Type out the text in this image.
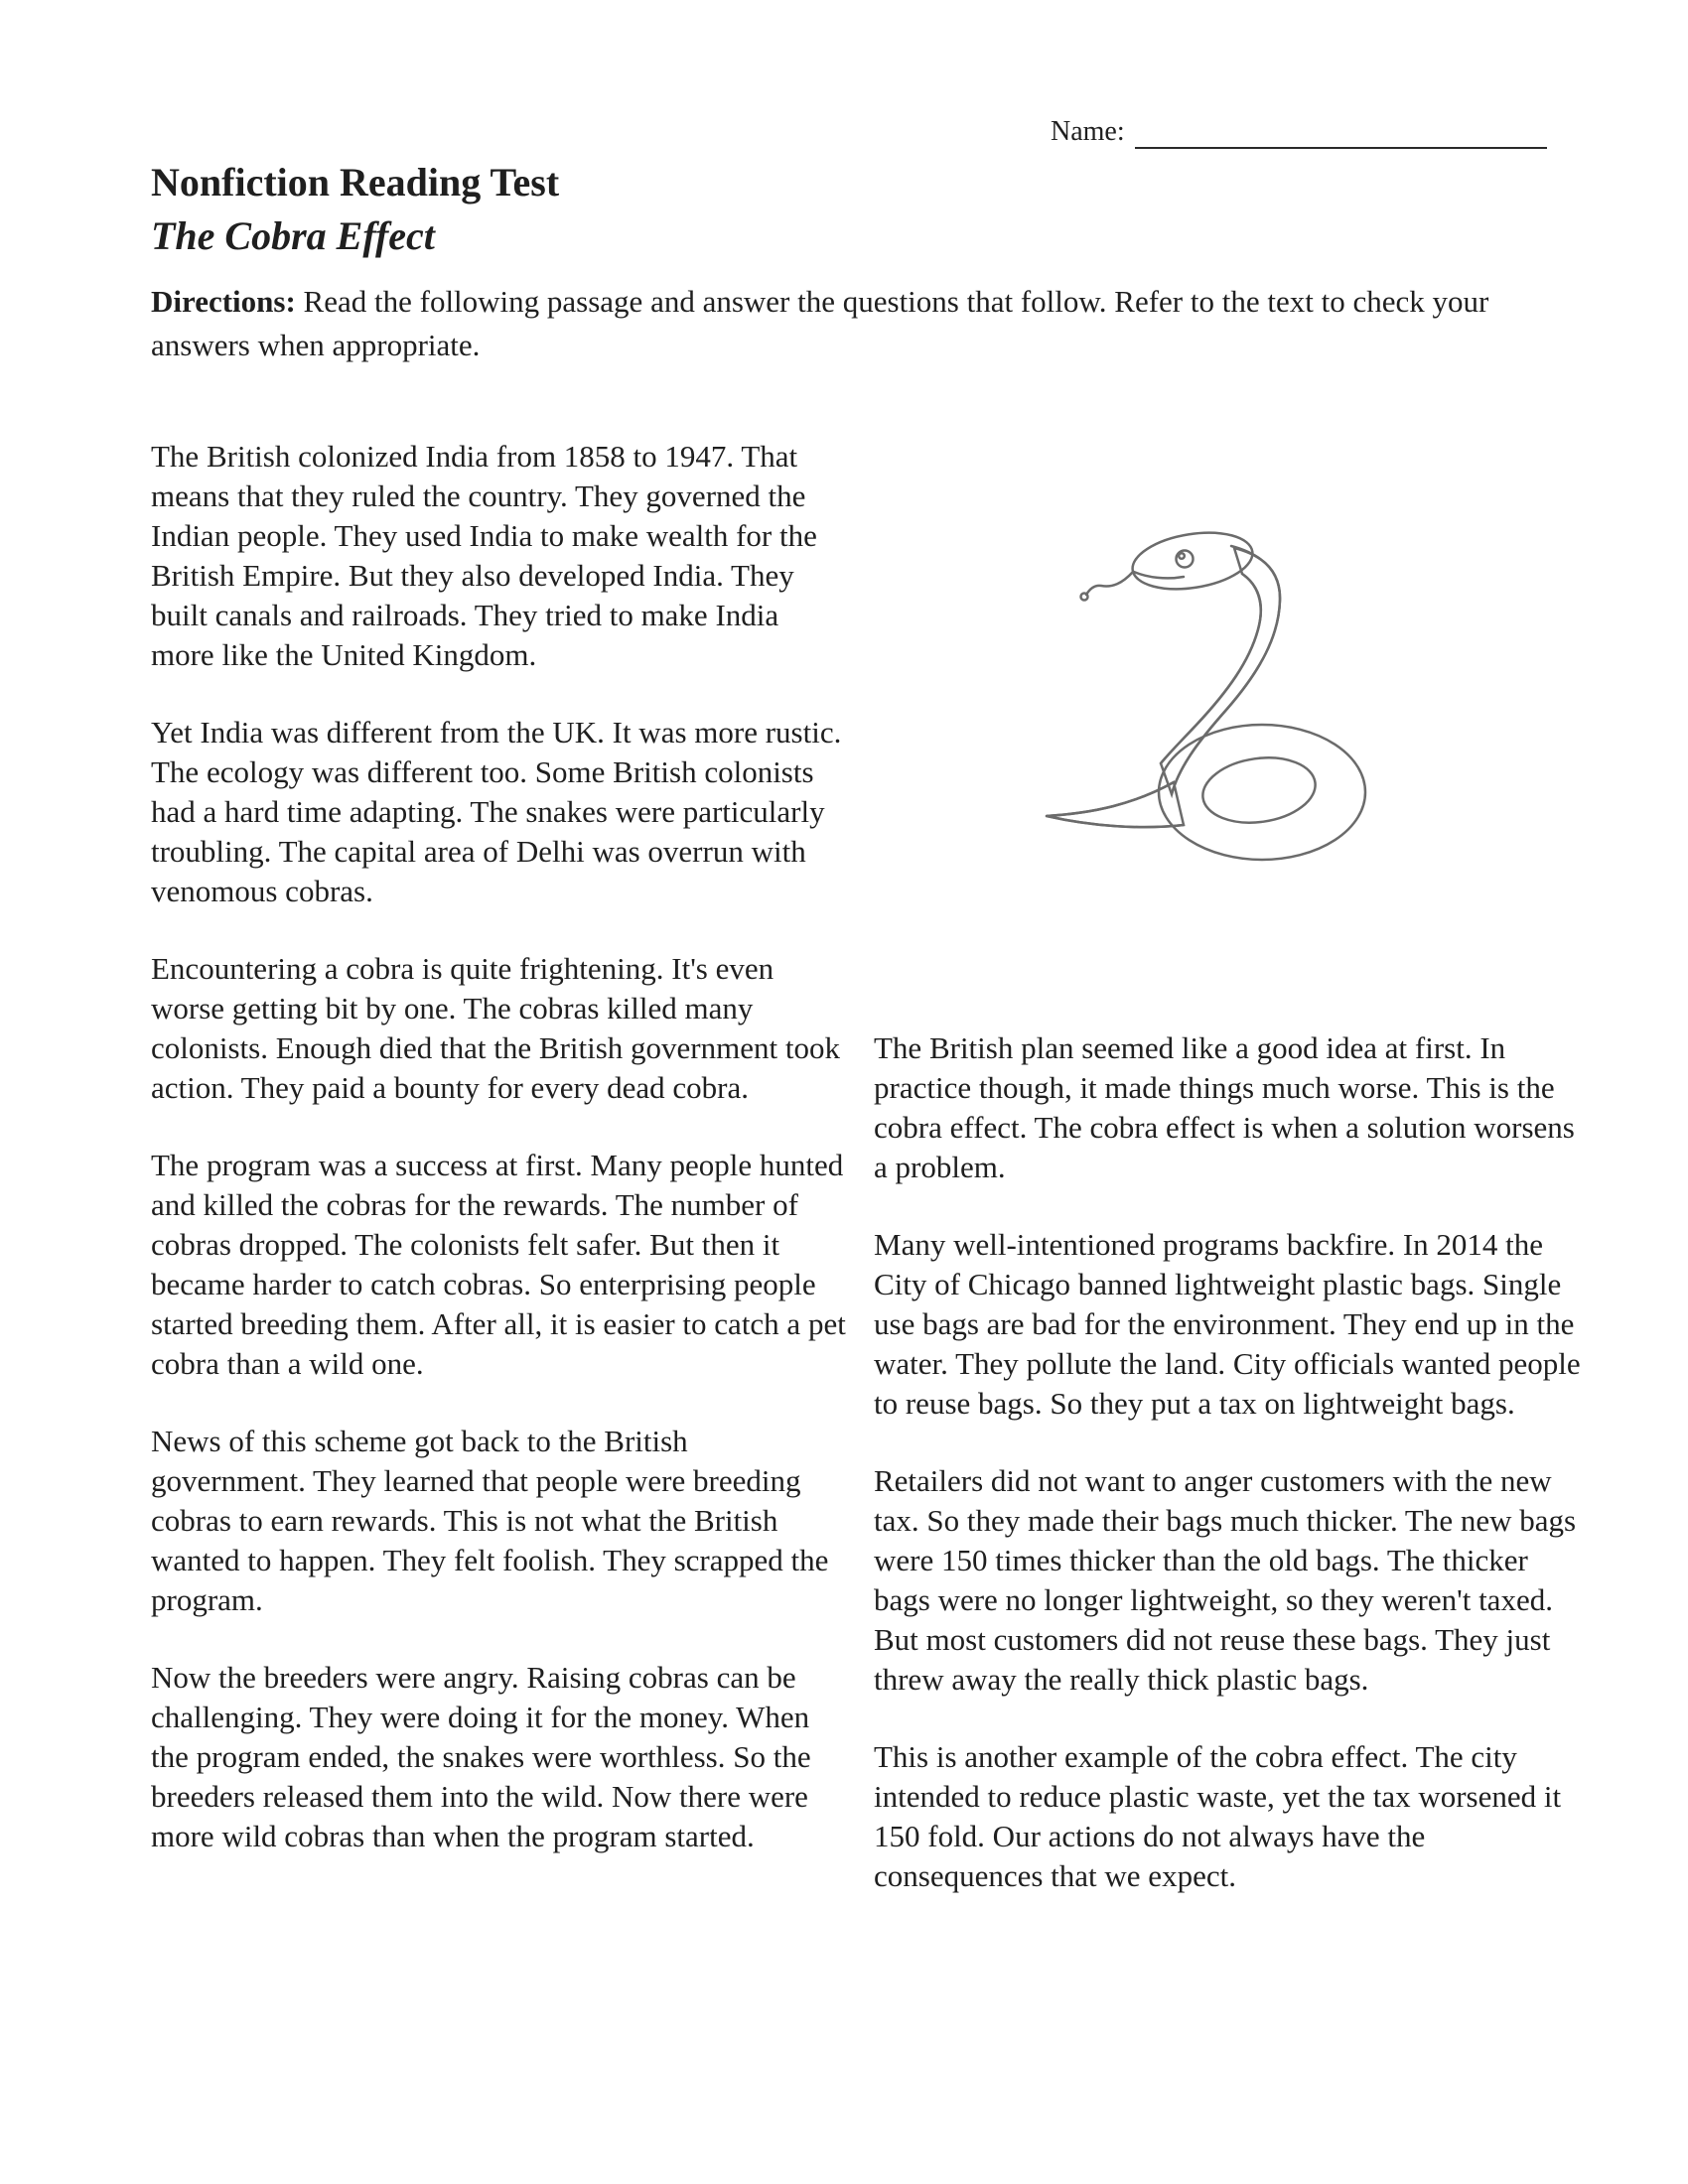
Name:
Nonfiction Reading Test
The Cobra Effect
Directions: Read the following passage and answer the questions that follow. Refer to the text to check your answers when appropriate.

The British colonized India from 1858 to 1947. That means that they ruled the country. They governed the Indian people. They used India to make wealth for the British Empire. But they also developed India. They built canals and railroads. They tried to make India more like the United Kingdom.

Yet India was different from the UK. It was more rustic. The ecology was different too. Some British colonists had a hard time adapting. The snakes were particularly troubling. The capital area of Delhi was overrun with venomous cobras.

Encountering a cobra is quite frightening. It's even worse getting bit by one. The cobras killed many colonists. Enough died that the British government took action. They paid a bounty for every dead cobra.

The program was a success at first. Many people hunted and killed the cobras for the rewards. The number of cobras dropped. The colonists felt safer. But then it became harder to catch cobras. So enterprising people started breeding them. After all, it is easier to catch a pet cobra than a wild one.

News of this scheme got back to the British government. They learned that people were breeding cobras to earn rewards. This is not what the British wanted to happen. They felt foolish. They scrapped the program.

Now the breeders were angry. Raising cobras can be challenging. They were doing it for the money. When the program ended, the snakes were worthless. So the breeders released them into the wild. Now there were more wild cobras than when the program started.

The British plan seemed like a good idea at first. In practice though, it made things much worse. This is the cobra effect. The cobra effect is when a solution worsens a problem.

Many well-intentioned programs backfire. In 2014 the City of Chicago banned lightweight plastic bags. Single use bags are bad for the environment. They end up in the water. They pollute the land. City officials wanted people to reuse bags. So they put a tax on lightweight bags.

Retailers did not want to anger customers with the new tax. So they made their bags much thicker. The new bags were 150 times thicker than the old bags. The thicker bags were no longer lightweight, so they weren't taxed. But most customers did not reuse these bags. They just threw away the really thick plastic bags.

This is another example of the cobra effect. The city intended to reduce plastic waste, yet the tax worsened it 150 fold. Our actions do not always have the consequences that we expect.
